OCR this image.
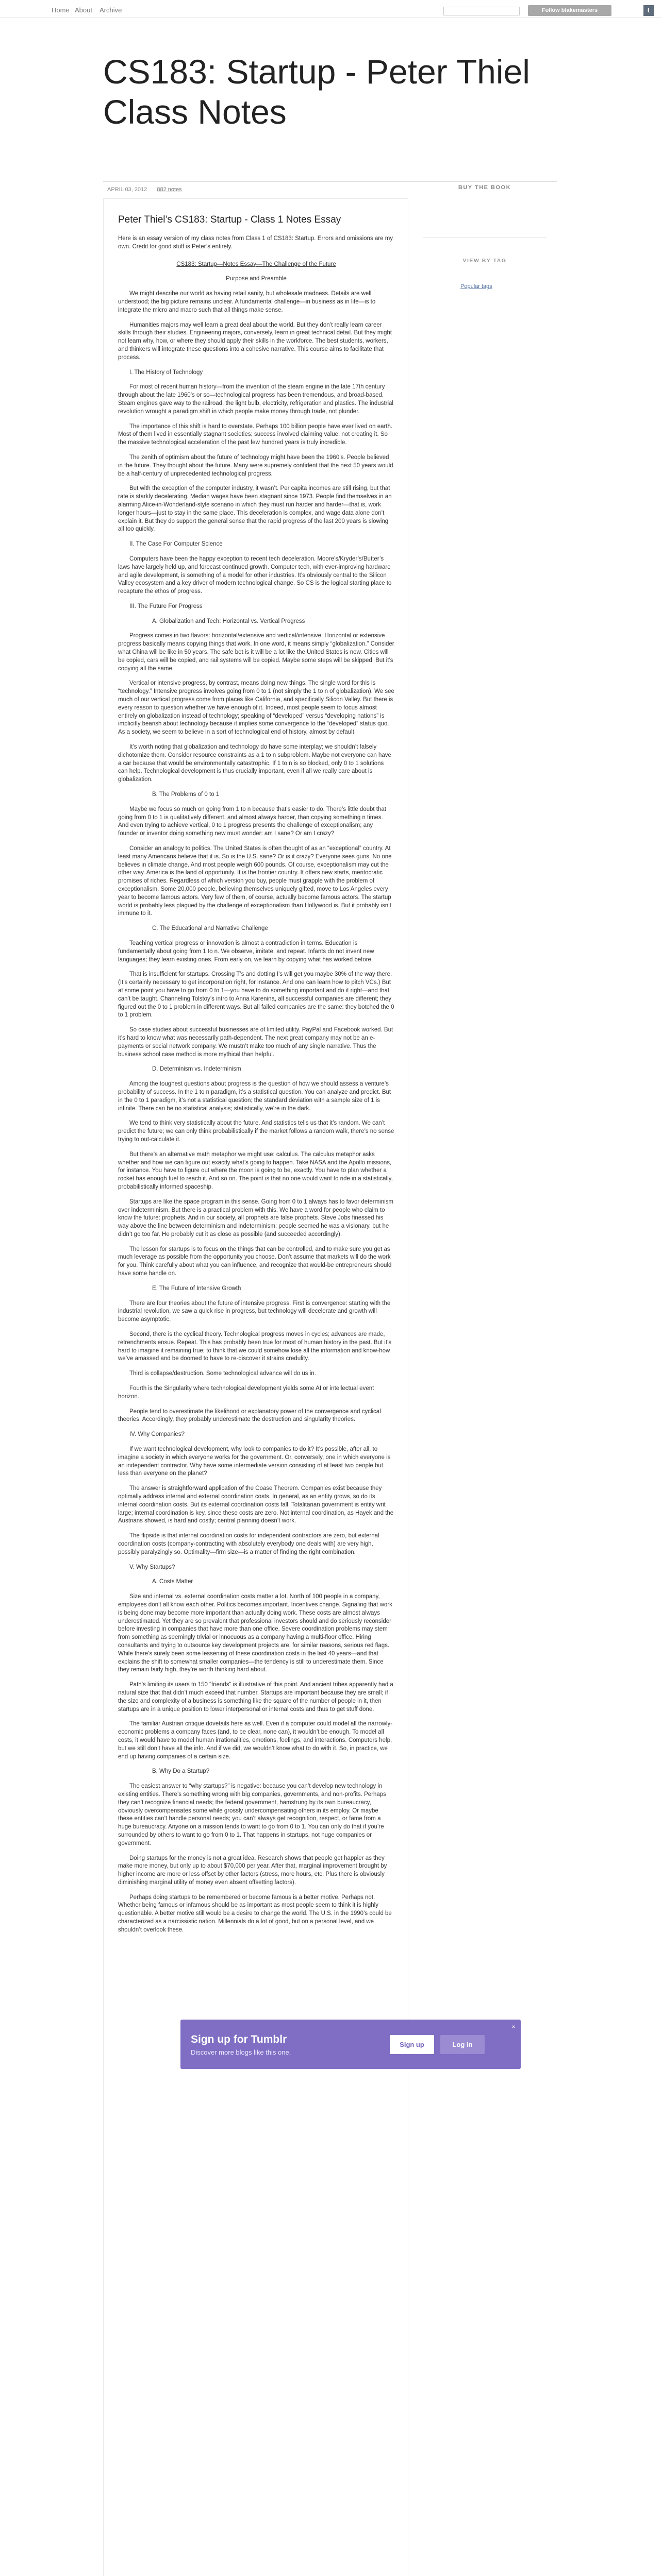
Home About Archive	Follow blakemasters	t
CS183: Startup - Peter Thiel Class Notes
APRIL 03, 2012 882 notes
Peter Thiel’s CS183: Startup - Class 1 Notes Essay

Here is an essay version of my class notes from Class 1 of CS183: Startup. Errors and omissions are my own. Credit for good stuff is Peter’s entirely.

CS183: Startup—Notes Essay—The Challenge of the Future

Purpose and Preamble

We might describe our world as having retail sanity, but wholesale madness. Details are well understood; the big picture remains unclear. A fundamental challenge—in business as in life—is to integrate the micro and macro such that all things make sense.

Humanities majors may well learn a great deal about the world. But they don’t really learn career skills through their studies. Engineering majors, conversely, learn in great technical detail. But they might not learn why, how, or where they should apply their skills in the workforce. The best students, workers, and thinkers will integrate these questions into a cohesive narrative. This course aims to facilitate that process.

I. The History of Technology

For most of recent human history—from the invention of the steam engine in the late 17th century through about the late 1960’s or so—technological progress has been tremendous, and broad-based. Steam engines gave way to the railroad, the light bulb, electricity, refrigeration and plastics. The industrial revolution wrought a paradigm shift in which people make money through trade, not plunder.

The importance of this shift is hard to overstate. Perhaps 100 billion people have ever lived on earth. Most of them lived in essentially stagnant societies; success involved claiming value, not creating it. So the massive technological acceleration of the past few hundred years is truly incredible.

The zenith of optimism about the future of technology might have been the 1960’s. People believed in the future. They thought about the future. Many were supremely confident that the next 50 years would be a half-century of unprecedented technological progress.

But with the exception of the computer industry, it wasn’t. Per capita incomes are still rising, but that rate is starkly decelerating. Median wages have been stagnant since 1973. People find themselves in an alarming Alice-in-Wonderland-style scenario in which they must run harder and harder—that is, work longer hours—just to stay in the same place. This deceleration is complex, and wage data alone don’t explain it. But they do support the general sense that the rapid progress of the last 200 years is slowing all too quickly.

II. The Case For Computer Science

Computers have been the happy exception to recent tech deceleration. Moore’s/Kryder’s/Butter’s laws have largely held up, and forecast continued growth. Computer tech, with ever-improving hardware and agile development, is something of a model for other industries. It’s obviously central to the Silicon Valley ecosystem and a key driver of modern technological change. So CS is the logical starting place to recapture the ethos of progress.

III. The Future For Progress

A. Globalization and Tech: Horizontal vs. Vertical Progress

Progress comes in two flavors: horizontal/extensive and vertical/intensive. Horizontal or extensive progress basically means copying things that work. In one word, it means simply “globalization.” Consider what China will be like in 50 years. The safe bet is it will be a lot like the United States is now. Cities will be copied, cars will be copied, and rail systems will be copied. Maybe some steps will be skipped. But it’s copying all the same.

Vertical or intensive progress, by contrast, means doing new things. The single word for this is “technology.” Intensive progress involves going from 0 to 1 (not simply the 1 to n of globalization). We see much of our vertical progress come from places like California, and specifically Silicon Valley. But there is every reason to question whether we have enough of it. Indeed, most people seem to focus almost entirely on globalization instead of technology; speaking of “developed” versus “developing nations” is implicitly bearish about technology because it implies some convergence to the “developed” status quo. As a society, we seem to believe in a sort of technological end of history, almost by default.

It’s worth noting that globalization and technology do have some interplay; we shouldn’t falsely dichotomize them. Consider resource constraints as a 1 to n subproblem. Maybe not everyone can have a car because that would be environmentally catastrophic. If 1 to n is so blocked, only 0 to 1 solutions can help. Technological development is thus crucially important, even if all we really care about is globalization.

B. The Problems of 0 to 1

Maybe we focus so much on going from 1 to n because that’s easier to do. There’s little doubt that going from 0 to 1 is qualitatively different, and almost always harder, than copying something n times. And even trying to achieve vertical, 0 to 1 progress presents the challenge of exceptionalism; any founder or inventor doing something new must wonder: am I sane? Or am I crazy?

Consider an analogy to politics. The United States is often thought of as an “exceptional” country. At least many Americans believe that it is. So is the U.S. sane? Or is it crazy? Everyone sees guns. No one believes in climate change. And most people weigh 600 pounds. Of course, exceptionalism may cut the other way. America is the land of opportunity. It is the frontier country. It offers new starts, meritocratic promises of riches. Regardless of which version you buy, people must grapple with the problem of exceptionalism. Some 20,000 people, believing themselves uniquely gifted, move to Los Angeles every year to become famous actors. Very few of them, of course, actually become famous actors. The startup world is probably less plagued by the challenge of exceptionalism than Hollywood is. But it probably isn’t immune to it.

C. The Educational and Narrative Challenge

Teaching vertical progress or innovation is almost a contradiction in terms. Education is fundamentally about going from 1 to n. We observe, imitate, and repeat. Infants do not invent new languages; they learn existing ones. From early on, we learn by copying what has worked before.

That is insufficient for startups. Crossing T’s and dotting I’s will get you maybe 30% of the way there. (It’s certainly necessary to get incorporation right, for instance. And one can learn how to pitch VCs.) But at some point you have to go from 0 to 1—you have to do something important and do it right—and that can’t be taught. Channeling Tolstoy’s intro to Anna Karenina, all successful companies are different; they figured out the 0 to 1 problem in different ways. But all failed companies are the same: they botched the 0 to 1 problem.

So case studies about successful businesses are of limited utility. PayPal and Facebook worked. But it’s hard to know what was necessarily path-dependent. The next great company may not be an e-payments or social network company. We mustn’t make too much of any single narrative. Thus the business school case method is more mythical than helpful.

D. Determinism vs. Indeterminism

Among the toughest questions about progress is the question of how we should assess a venture’s probability of success. In the 1 to n paradigm, it’s a statistical question. You can analyze and predict. But in the 0 to 1 paradigm, it’s not a statistical question; the standard deviation with a sample size of 1 is infinite. There can be no statistical analysis; statistically, we’re in the dark.

We tend to think very statistically about the future. And statistics tells us that it’s random. We can’t predict the future; we can only think probabilistically if the market follows a random walk, there’s no sense trying to out-calculate it.

But there’s an alternative math metaphor we might use: calculus. The calculus metaphor asks whether and how we can figure out exactly what’s going to happen. Take NASA and the Apollo missions, for instance. You have to figure out where the moon is going to be, exactly. You have to plan whether a rocket has enough fuel to reach it. And so on. The point is that no one would want to ride in a statistically, probabilistically informed spaceship.

Startups are like the space program in this sense. Going from 0 to 1 always has to favor determinism over indeterminism. But there is a practical problem with this. We have a word for people who claim to know the future: prophets. And in our society, all prophets are false prophets. Steve Jobs finessed his way above the line between determinism and indeterminism; people seemed he was a visionary, but he didn’t go too far. He probably cut it as close as possible (and succeeded accordingly).

The lesson for startups is to focus on the things that can be controlled, and to make sure you get as much leverage as possible from the opportunity you choose. Don’t assume that markets will do the work for you. Think carefully about what you can influence, and recognize that would-be entrepreneurs should have some handle on.

E. The Future of Intensive Growth

There are four theories about the future of intensive progress. First is convergence: starting with the industrial revolution, we saw a quick rise in progress, but technology will decelerate and growth will become asymptotic.

Second, there is the cyclical theory. Technological progress moves in cycles; advances are made, retrenchments ensue. Repeat. This has probably been true for most of human history in the past. But it’s hard to imagine it remaining true; to think that we could somehow lose all the information and know-how we’ve amassed and be doomed to have to re-discover it strains credulity.

Third is collapse/destruction. Some technological advance will do us in.

Fourth is the Singularity where technological development yields some AI or intellectual event horizon.

People tend to overestimate the likelihood or explanatory power of the convergence and cyclical theories. Accordingly, they probably underestimate the destruction and singularity theories.

IV. Why Companies?

If we want technological development, why look to companies to do it? It’s possible, after all, to imagine a society in which everyone works for the government. Or, conversely, one in which everyone is an independent contractor. Why have some intermediate version consisting of at least two people but less than everyone on the planet?

The answer is straightforward application of the Coase Theorem. Companies exist because they optimally address internal and external coordination costs. In general, as an entity grows, so do its internal coordination costs. But its external coordination costs fall. Totalitarian government is entity writ large; internal coordination is key, since these costs are zero. Not internal coordination, as Hayek and the Austrians showed, is hard and costly; central planning doesn’t work.

The flipside is that internal coordination costs for independent contractors are zero, but external coordination costs (company-contracting with absolutely everybody one deals with) are very high, possibly paralyzingly so. Optimality—firm size—is a matter of finding the right combination.

V. Why Startups?

A. Costs Matter

Size and internal vs. external coordination costs matter a lot. North of 100 people in a company, employees don’t all know each other. Politics becomes important. Incentives change. Signaling that work is being done may become more important than actually doing work. These costs are almost always underestimated. Yet they are so prevalent that professional investors should and do seriously reconsider before investing in companies that have more than one office. Severe coordination problems may stem from something as seemingly trivial or innocuous as a company having a multi-floor office. Hiring consultants and trying to outsource key development projects are, for similar reasons, serious red flags. While there’s surely been some lessening of these coordination costs in the last 40 years—and that explains the shift to somewhat smaller companies—the tendency is still to underestimate them. Since they remain fairly high, they’re worth thinking hard about.

Path’s limiting its users to 150 “friends” is illustrative of this point. And ancient tribes apparently had a natural size that that didn’t much exceed that number. Startups are important because they are small; if the size and complexity of a business is something like the square of the number of people in it, then startups are in a unique position to lower interpersonal or internal costs and thus to get stuff done.

The familiar Austrian critique dovetails here as well. Even if a computer could model all the narrowly-economic problems a company faces (and, to be clear, none can), it wouldn’t be enough. To model all costs, it would have to model human irrationalities, emotions, feelings, and interactions. Computers help, but we still don’t have all the info. And if we did, we wouldn’t know what to do with it. So, in practice, we end up having companies of a certain size.

B. Why Do a Startup?

The easiest answer to “why startups?” is negative: because you can’t develop new technology in existing entities. There’s something wrong with big companies, governments, and non-profits. Perhaps they can’t recognize financial needs; the federal government, hamstrung by its own bureaucracy, obviously overcompensates some while grossly undercompensating others in its employ. Or maybe these entities can’t handle personal needs; you can’t always get recognition, respect, or fame from a huge bureaucracy. Anyone on a mission tends to want to go from 0 to 1. You can only do that if you’re surrounded by others to want to go from 0 to 1. That happens in startups, not huge companies or government.

Doing startups for the money is not a great idea. Research shows that people get happier as they make more money, but only up to about $70,000 per year. After that, marginal improvement brought by higher income are more or less offset by other factors (stress, more hours, etc. Plus there is obviously diminishing marginal utility of money even absent offsetting factors).

Perhaps doing startups to be remembered or become famous is a better motive. Perhaps not. Whether being famous or infamous should be as important as most people seem to think it is highly questionable. A better motive still would be a desire to change the world. The U.S. in the 1990’s could be characterized as a narcissistic nation. Millennials do a lot of good, but on a personal level, and we shouldn’t overlook these.

BUY THE BOOK
VIEW BY TAG
Popular tags
×
Sign up for Tumblr
Discover more blogs like this one.
Sign up	Log in
